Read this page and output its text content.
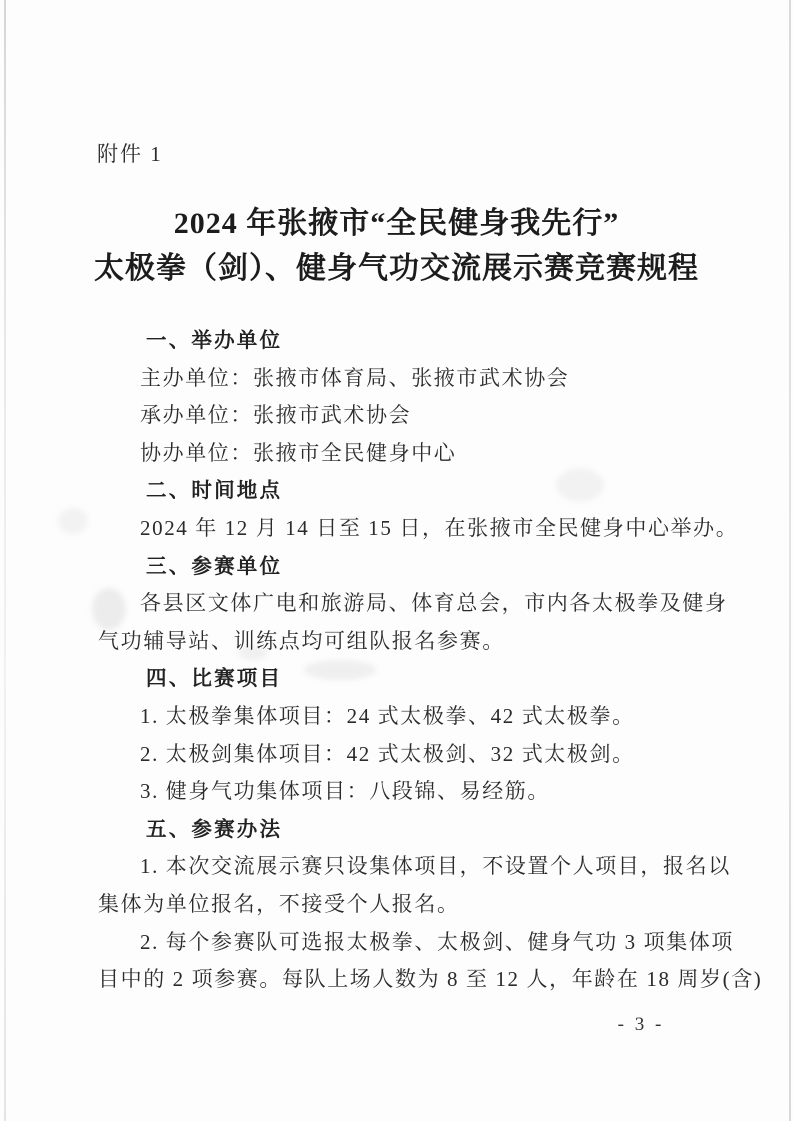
附件 1
2024 年张掖市“全民健身我先行”
太极拳（剑）、健身气功交流展示赛竞赛规程
一、举办单位
主办单位：张掖市体育局、张掖市武术协会
承办单位：张掖市武术协会
协办单位：张掖市全民健身中心
二、时间地点
2024 年 12 月 14 日至 15 日，在张掖市全民健身中心举办。
三、参赛单位
各县区文体广电和旅游局、体育总会，市内各太极拳及健身
气功辅导站、训练点均可组队报名参赛。
四、比赛项目
1. 太极拳集体项目：24 式太极拳、42 式太极拳。
2. 太极剑集体项目：42 式太极剑、32 式太极剑。
3. 健身气功集体项目：八段锦、易经筋。
五、参赛办法
1. 本次交流展示赛只设集体项目，不设置个人项目，报名以
集体为单位报名，不接受个人报名。
2. 每个参赛队可选报太极拳、太极剑、健身气功 3 项集体项
目中的 2 项参赛。每队上场人数为 8 至 12 人，年龄在 18 周岁(含)
- 3 -
